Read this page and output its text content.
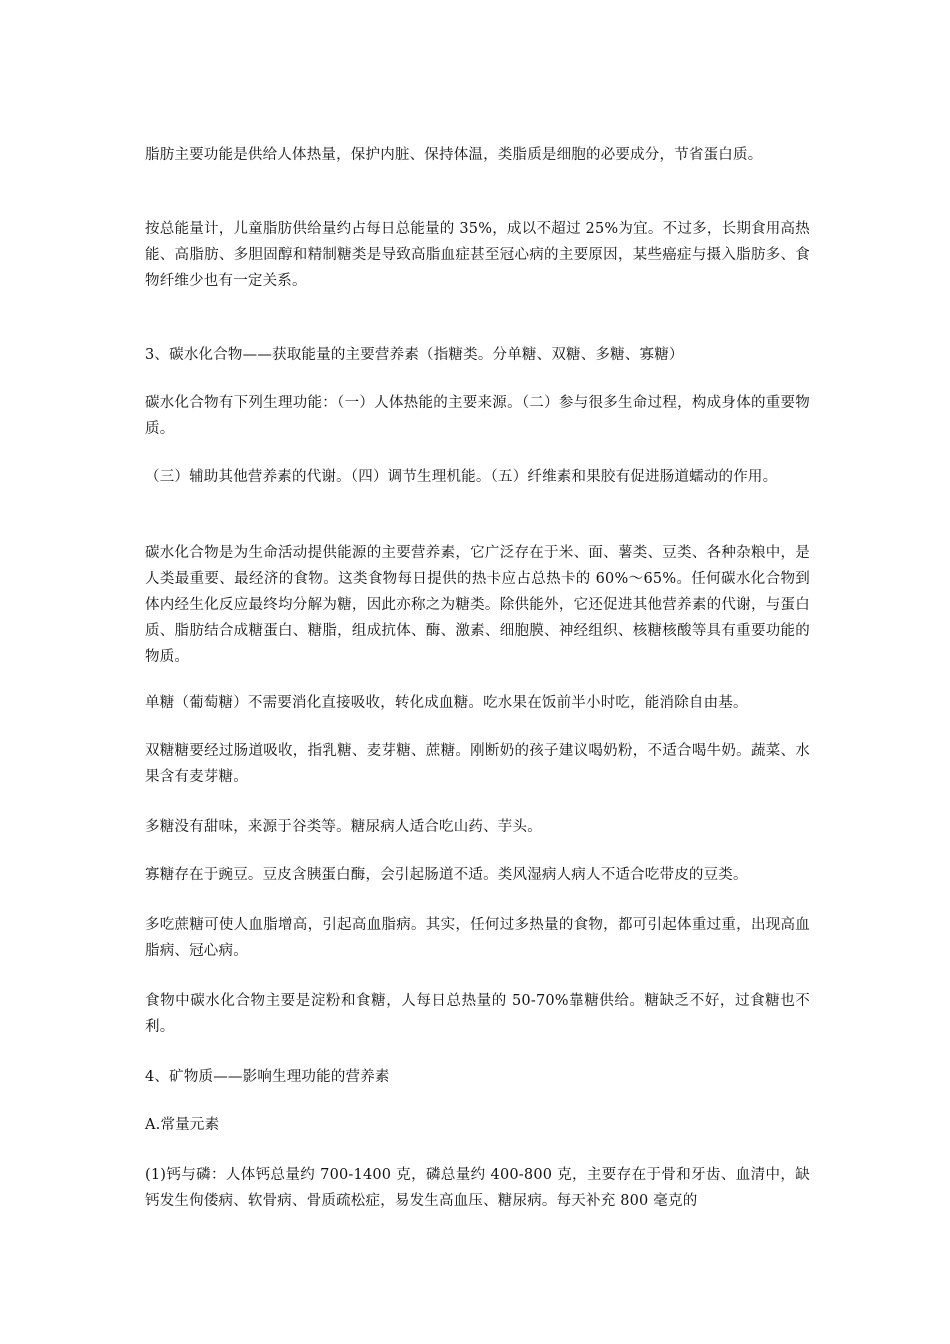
脂肪主要功能是供给人体热量，保护内脏、保持体温，类脂质是细胞的必要成分，节省蛋白质。

按总能量计，儿童脂肪供给量约占每日总能量的 35%，成以不超过 25%为宜。不过多，长期食用高热能、高脂肪、多胆固醇和精制糖类是导致高脂血症甚至冠心病的主要原因，某些癌症与摄入脂肪多、食物纤维少也有一定关系。

3、碳水化合物——获取能量的主要营养素（指糖类。分单糖、双糖、多糖、寡糖）

碳水化合物有下列生理功能：（一）人体热能的主要来源。（二）参与很多生命过程，构成身体的重要物质。

（三）辅助其他营养素的代谢。（四）调节生理机能。（五）纤维素和果胶有促进肠道蠕动的作用。

碳水化合物是为生命活动提供能源的主要营养素，它广泛存在于米、面、薯类、豆类、各种杂粮中，是人类最重要、最经济的食物。这类食物每日提供的热卡应占总热卡的 60%～65%。任何碳水化合物到体内经生化反应最终均分解为糖，因此亦称之为糖类。除供能外，它还促进其他营养素的代谢，与蛋白质、脂肪结合成糖蛋白、糖脂，组成抗体、酶、激素、细胞膜、神经组织、核糖核酸等具有重要功能的物质。

单糖（葡萄糖）不需要消化直接吸收，转化成血糖。吃水果在饭前半小时吃，能消除自由基。

双糖糖要经过肠道吸收，指乳糖、麦芽糖、蔗糖。刚断奶的孩子建议喝奶粉，不适合喝牛奶。蔬菜、水果含有麦芽糖。

多糖没有甜味，来源于谷类等。糖尿病人适合吃山药、芋头。

寡糖存在于豌豆。豆皮含胰蛋白酶，会引起肠道不适。类风湿病人病人不适合吃带皮的豆类。

多吃蔗糖可使人血脂增高，引起高血脂病。其实，任何过多热量的食物，都可引起体重过重，出现高血脂病、冠心病。

食物中碳水化合物主要是淀粉和食糖，人每日总热量的 50-70%靠糖供给。糖缺乏不好，过食糖也不利。

4、矿物质——影响生理功能的营养素

A.常量元素

(1)钙与磷：人体钙总量约 700-1400 克，磷总量约 400-800 克，主要存在于骨和牙齿、血清中，缺钙发生佝偻病、软骨病、骨质疏松症，易发生高血压、糖尿病。每天补充 800 毫克的
